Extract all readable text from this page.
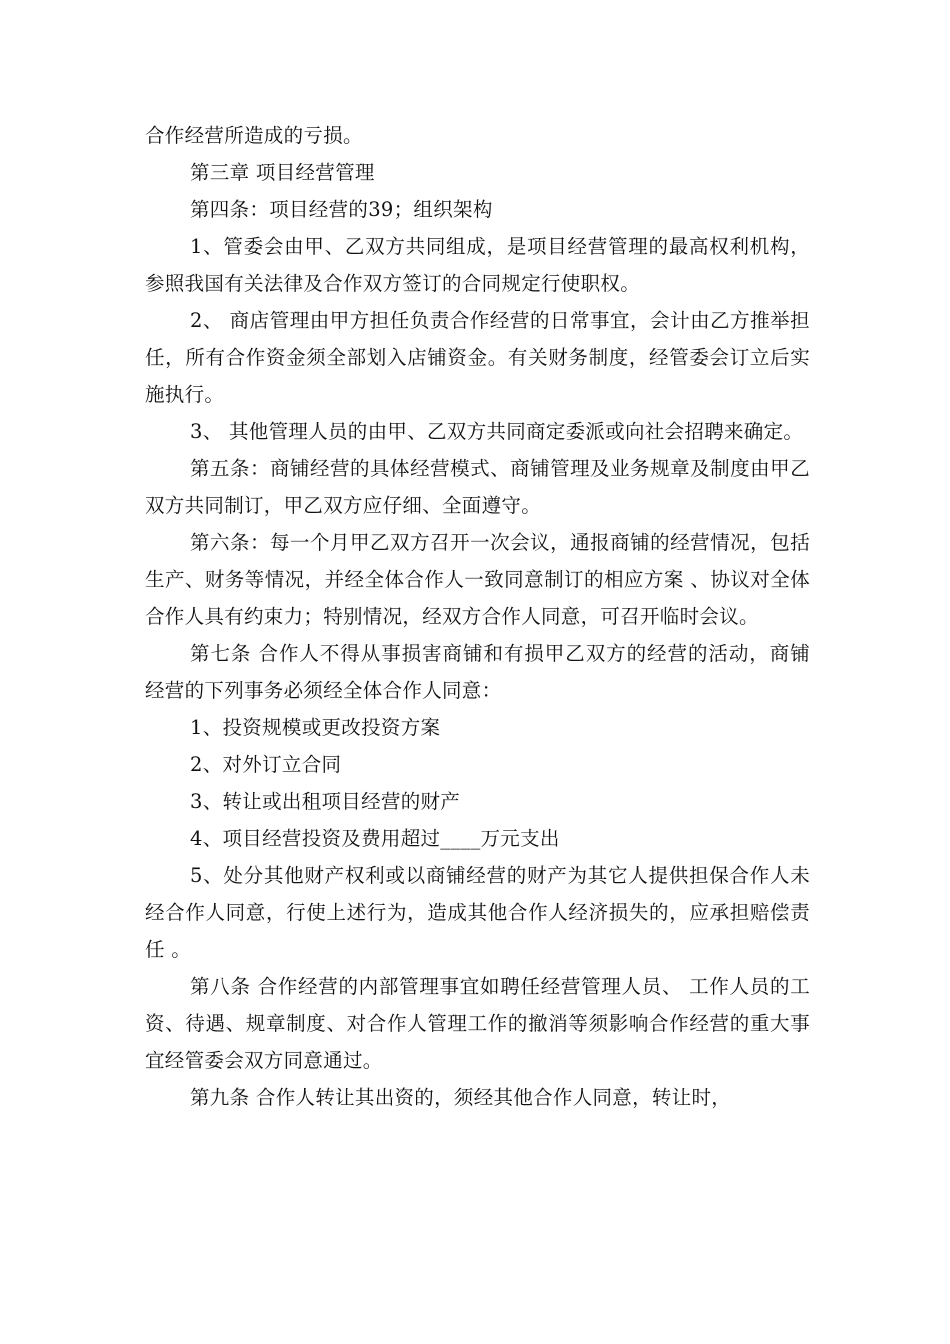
合作经营所造成的亏损。

第三章 项目经营管理

第四条：项目经营的39；组织架构

1、管委会由甲、乙双方共同组成，是项目经营管理的最高权利机构，参照我国有关法律及合作双方签订的合同规定行使职权。

2、 商店管理由甲方担任负责合作经营的日常事宜，会计由乙方推举担任，所有合作资金须全部划入店铺资金。有关财务制度，经管委会订立后实施执行。

3、 其他管理人员的由甲、乙双方共同商定委派或向社会招聘来确定。

第五条：商铺经营的具体经营模式、商铺管理及业务规章及制度由甲乙双方共同制订，甲乙双方应仔细、全面遵守。

第六条：每一个月甲乙双方召开一次会议，通报商铺的经营情况，包括生产、财务等情况，并经全体合作人一致同意制订的相应方案 、协议对全体合作人具有约束力；特别情况，经双方合作人同意，可召开临时会议。

第七条 合作人不得从事损害商铺和有损甲乙双方的经营的活动，商铺经营的下列事务必须经全体合作人同意：

1、投资规模或更改投资方案

2、对外订立合同

3、转让或出租项目经营的财产

4、项目经营投资及费用超过____万元支出

5、处分其他财产权利或以商铺经营的财产为其它人提供担保合作人未经合作人同意，行使上述行为，造成其他合作人经济损失的，应承担赔偿责任 。

第八条 合作经营的内部管理事宜如聘任经营管理人员、 工作人员的工资、待遇、规章制度、对合作人管理工作的撤消等须影响合作经营的重大事宜经管委会双方同意通过。

第九条 合作人转让其出资的，须经其他合作人同意，转让时，
